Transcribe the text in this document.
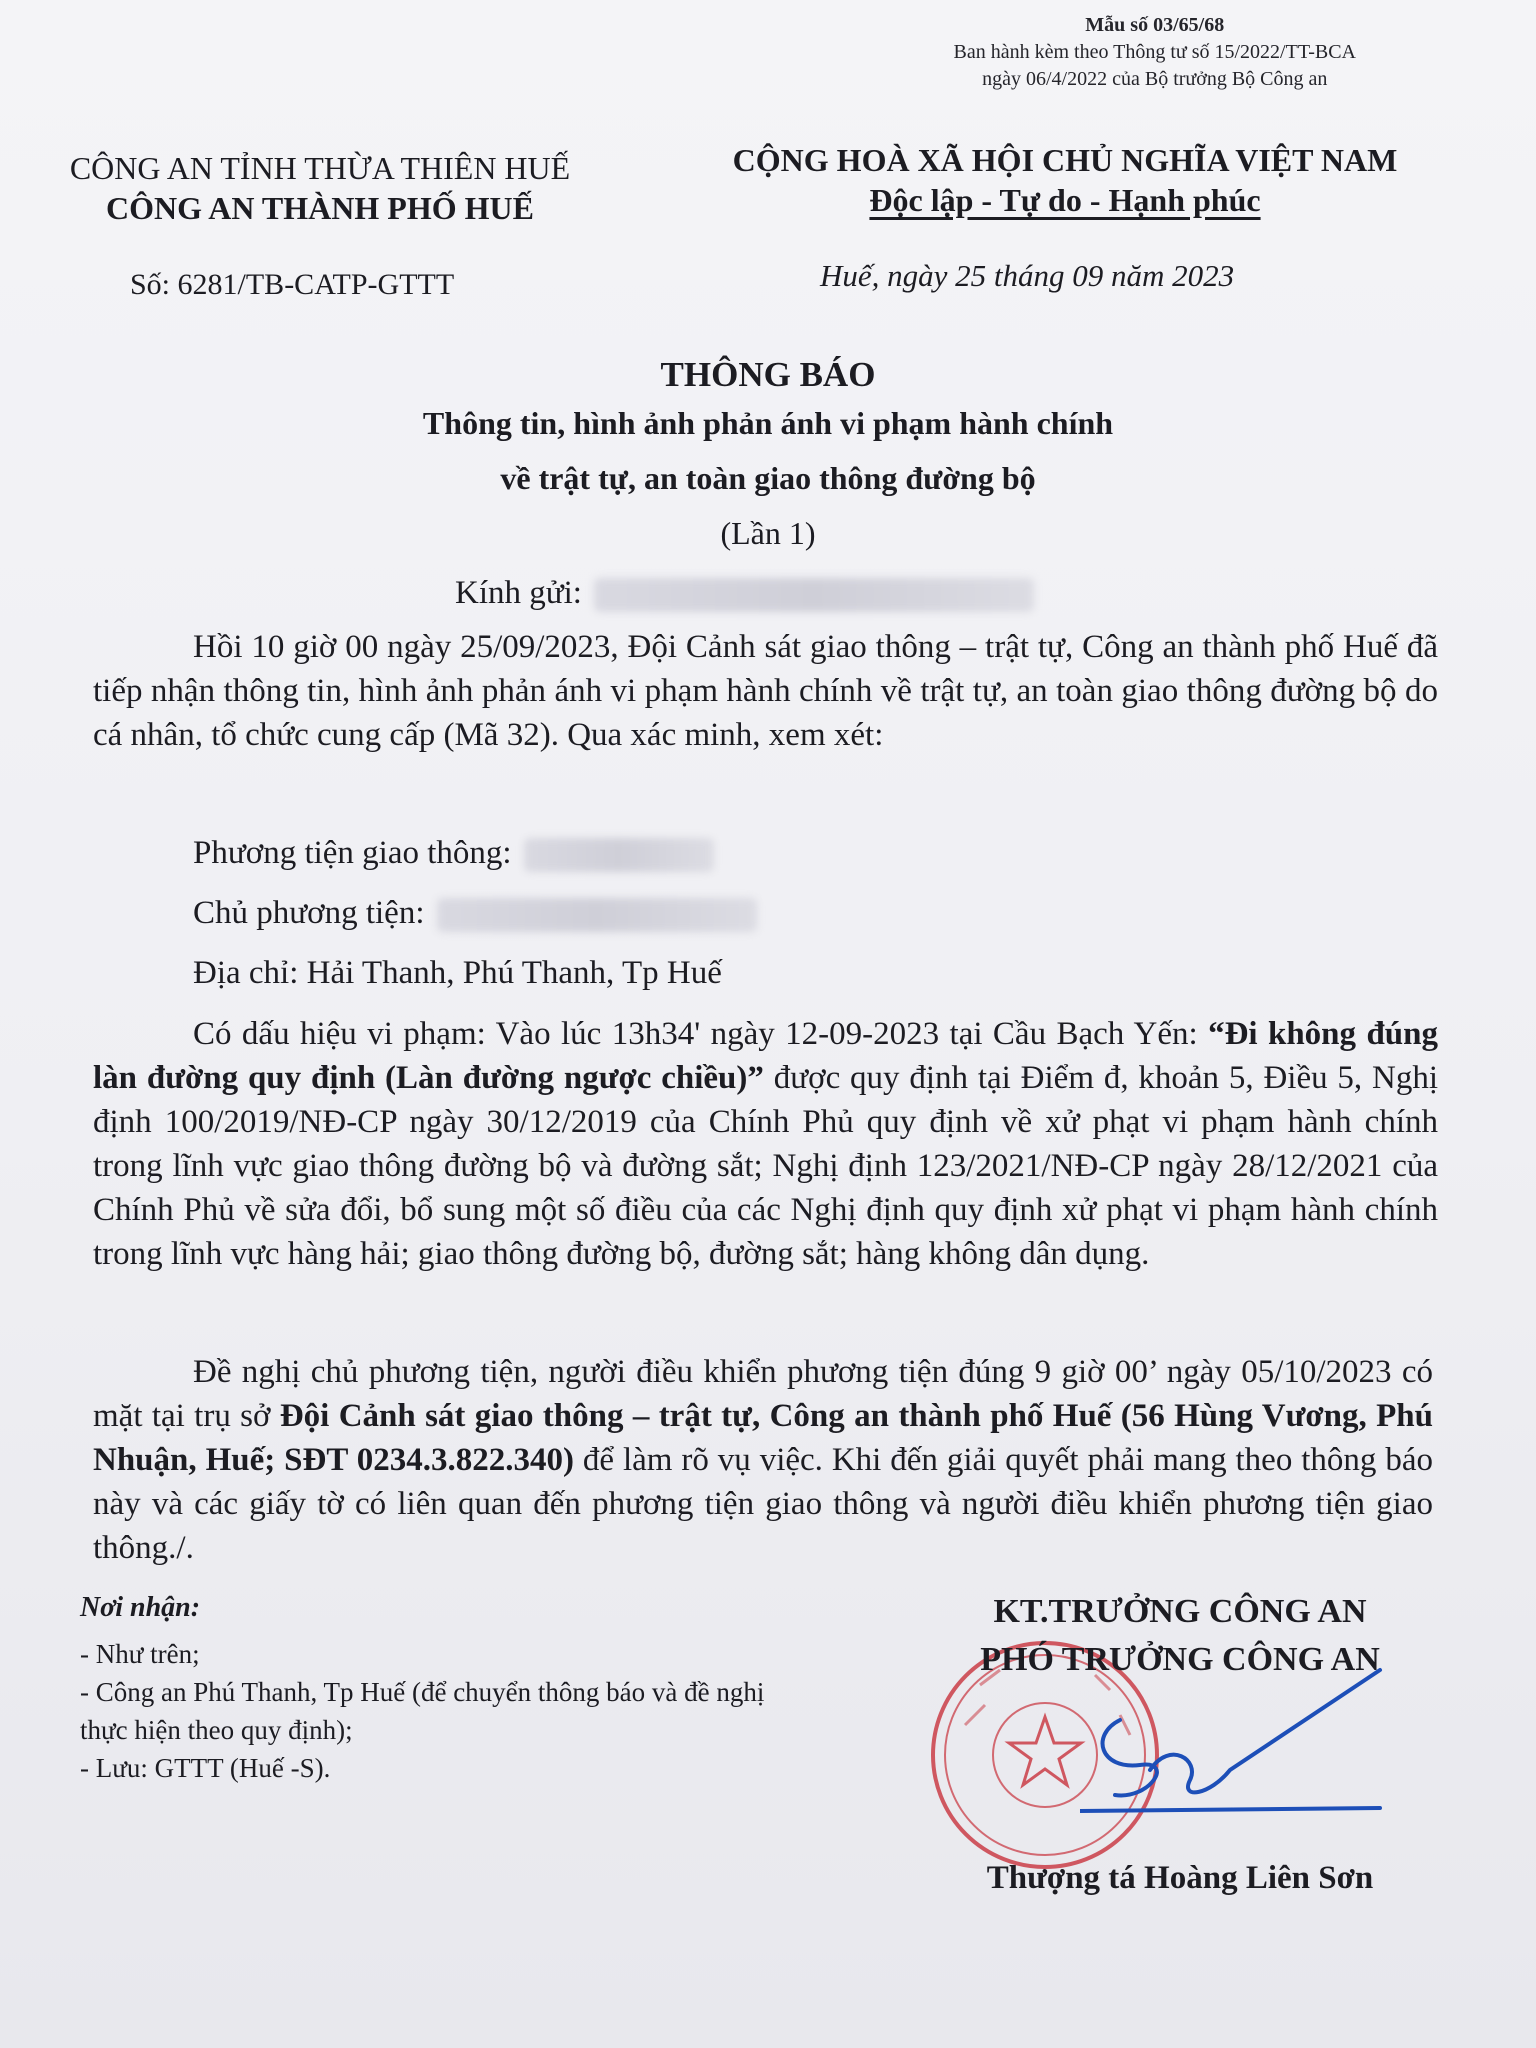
Mẫu số 03/65/68
Ban hành kèm theo Thông tư số 15/2022/TT-BCA
ngày 06/4/2022 của Bộ trưởng Bộ Công an
CÔNG AN TỈNH THỪA THIÊN HUẾ
CÔNG AN THÀNH PHỐ HUẾ
CỘNG HOÀ XÃ HỘI CHỦ NGHĨA VIỆT NAM
Độc lập - Tự do - Hạnh phúc
Số: 6281/TB-CATP-GTTT	Huế, ngày 25 tháng 09 năm 2023
THÔNG BÁO
Thông tin, hình ảnh phản ánh vi phạm hành chính
về trật tự, an toàn giao thông đường bộ
(Lần 1)
Kính gửi:
Hồi 10 giờ 00 ngày 25/09/2023, Đội Cảnh sát giao thông – trật tự, Công an thành phố Huế đã tiếp nhận thông tin, hình ảnh phản ánh vi phạm hành chính về trật tự, an toàn giao thông đường bộ do cá nhân, tổ chức cung cấp (Mã 32). Qua xác minh, xem xét:
Phương tiện giao thông:
Chủ phương tiện:
Địa chỉ: Hải Thanh, Phú Thanh, Tp Huế
Có dấu hiệu vi phạm: Vào lúc 13h34' ngày 12-09-2023 tại Cầu Bạch Yến: “Đi không đúng làn đường quy định (Làn đường ngược chiều)” được quy định tại Điểm đ, khoản 5, Điều 5, Nghị định 100/2019/NĐ-CP ngày 30/12/2019 của Chính Phủ quy định về xử phạt vi phạm hành chính trong lĩnh vực giao thông đường bộ và đường sắt; Nghị định 123/2021/NĐ-CP ngày 28/12/2021 của Chính Phủ về sửa đổi, bổ sung một số điều của các Nghị định quy định xử phạt vi phạm hành chính trong lĩnh vực hàng hải; giao thông đường bộ, đường sắt; hàng không dân dụng.
Đề nghị chủ phương tiện, người điều khiển phương tiện đúng 9 giờ 00’ ngày 05/10/2023 có mặt tại trụ sở Đội Cảnh sát giao thông – trật tự, Công an thành phố Huế (56 Hùng Vương, Phú Nhuận, Huế; SĐT 0234.3.822.340) để làm rõ vụ việc. Khi đến giải quyết phải mang theo thông báo này và các giấy tờ có liên quan đến phương tiện giao thông và người điều khiển phương tiện giao thông./.
Nơi nhận:
- Như trên;
- Công an Phú Thanh, Tp Huế (để chuyển thông báo và đề nghị thực hiện theo quy định);
- Lưu: GTTT (Huế -S).
KT.TRƯỞNG CÔNG AN
PHÓ TRƯỞNG CÔNG AN
Thượng tá Hoàng Liên Sơn
